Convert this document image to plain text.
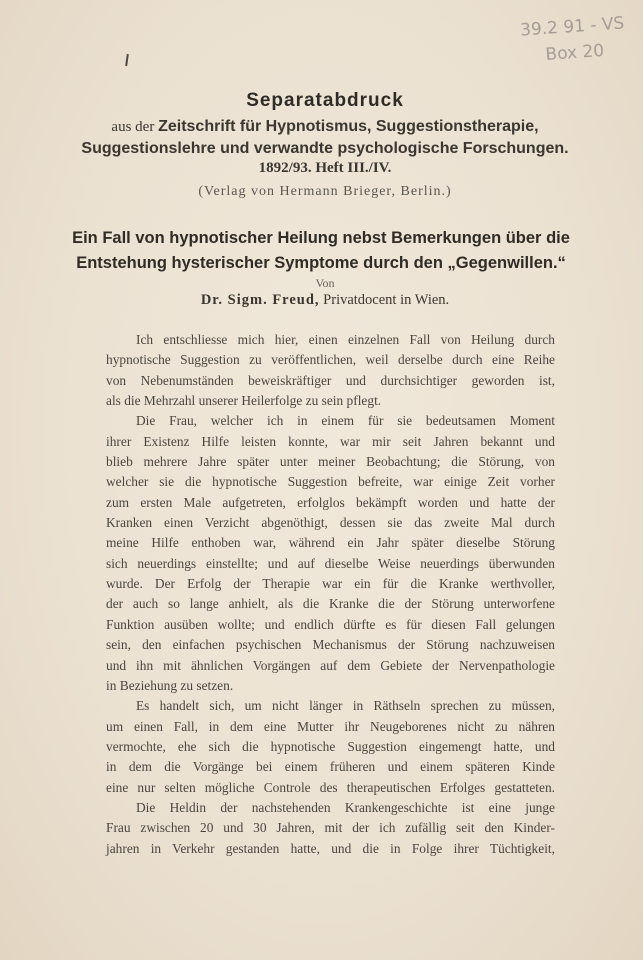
39.2 91 - VS
Box 20
Separatabdruck
aus der Zeitschrift für Hypnotismus, Suggestionstherapie,
Suggestionslehre und verwandte psychologische Forschungen.
1892/93. Heft III./IV.
(Verlag von Hermann Brieger, Berlin.)
Ein Fall von hypnotischer Heilung nebst Bemerkungen über die
Entstehung hysterischer Symptome durch den „Gegenwillen.“
Von
Dr. Sigm. Freud, Privatdocent in Wien.
Ich entschliesse mich hier, einen einzelnen Fall von Heilung durch
hypnotische Suggestion zu veröffentlichen, weil derselbe durch eine Reihe
von Nebenumständen beweiskräftiger und durchsichtiger geworden ist,
als die Mehrzahl unserer Heilerfolge zu sein pflegt.
Die Frau, welcher ich in einem für sie bedeutsamen Moment
ihrer Existenz Hilfe leisten konnte, war mir seit Jahren bekannt und
blieb mehrere Jahre später unter meiner Beobachtung; die Störung, von
welcher sie die hypnotische Suggestion befreite, war einige Zeit vorher
zum ersten Male aufgetreten, erfolglos bekämpft worden und hatte der
Kranken einen Verzicht abgenöthigt, dessen sie das zweite Mal durch
meine Hilfe enthoben war, während ein Jahr später dieselbe Störung
sich neuerdings einstellte; und auf dieselbe Weise neuerdings überwunden
wurde. Der Erfolg der Therapie war ein für die Kranke werthvoller,
der auch so lange anhielt, als die Kranke die der Störung unterworfene
Funktion ausüben wollte; und endlich dürfte es für diesen Fall gelungen
sein, den einfachen psychischen Mechanismus der Störung nachzuweisen
und ihn mit ähnlichen Vorgängen auf dem Gebiete der Nervenpathologie
in Beziehung zu setzen.
Es handelt sich, um nicht länger in Räthseln sprechen zu müssen,
um einen Fall, in dem eine Mutter ihr Neugeborenes nicht zu nähren
vermochte, ehe sich die hypnotische Suggestion eingemengt hatte, und
in dem die Vorgänge bei einem früheren und einem späteren Kinde
eine nur selten mögliche Controle des therapeutischen Erfolges gestatteten.
Die Heldin der nachstehenden Krankengeschichte ist eine junge
Frau zwischen 20 und 30 Jahren, mit der ich zufällig seit den Kinder-
jahren in Verkehr gestanden hatte, und die in Folge ihrer Tüchtigkeit,
